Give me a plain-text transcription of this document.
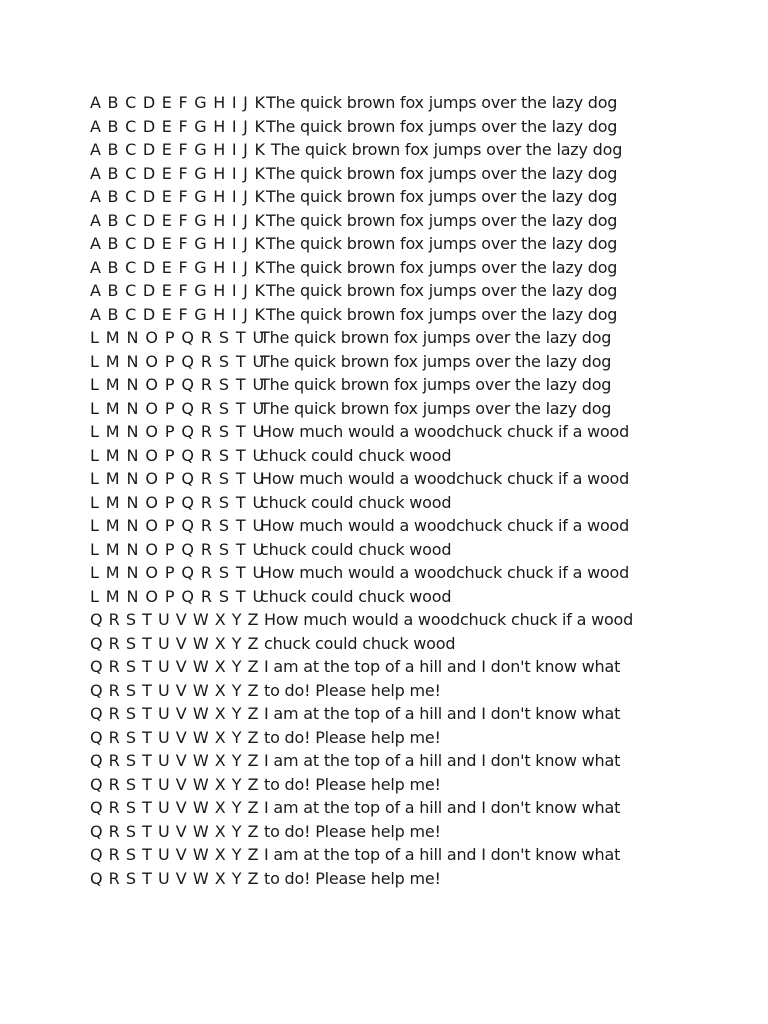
A B C D E F G H I J K The quick brown fox jumps over the lazy dog
A B C D E F G H I J K The quick brown fox jumps over the lazy dog
A B C D E F G H I J K The quick brown fox jumps over the lazy dog
A B C D E F G H I J K The quick brown fox jumps over the lazy dog
A B C D E F G H I J K The quick brown fox jumps over the lazy dog
A B C D E F G H I J K The quick brown fox jumps over the lazy dog
A B C D E F G H I J K The quick brown fox jumps over the lazy dog
A B C D E F G H I J K The quick brown fox jumps over the lazy dog
A B C D E F G H I J K The quick brown fox jumps over the lazy dog
A B C D E F G H I J K The quick brown fox jumps over the lazy dog
L M N O P Q R S T U
The quick brown fox jumps over the lazy dog
L M N O P Q R S T U
The quick brown fox jumps over the lazy dog
L M N O P Q R S T U
The quick brown fox jumps over the lazy dog
L M N O P Q R S T U
The quick brown fox jumps over the lazy dog
L M N O P Q R S T U
How much would a woodchuck chuck if a wood
L M N O P Q R S T U
chuck could chuck wood
L M N O P Q R S T U
How much would a woodchuck chuck if a wood
L M N O P Q R S T U
chuck could chuck wood
L M N O P Q R S T U
How much would a woodchuck chuck if a wood
L M N O P Q R S T U
chuck could chuck wood
L M N O P Q R S T U
How much would a woodchuck chuck if a wood
L M N O P Q R S T U
chuck could chuck wood
Q R S T U V W X Y Z How much would a woodchuck chuck if a wood
Q R S T U V W X Y Z chuck could chuck wood
Q R S T U V W X Y Z I am at the top of a hill and I don't know what
Q R S T U V W X Y Z to do! Please help me!
Q R S T U V W X Y Z I am at the top of a hill and I don't know what
Q R S T U V W X Y Z to do! Please help me!
Q R S T U V W X Y Z I am at the top of a hill and I don't know what
Q R S T U V W X Y Z to do! Please help me!
Q R S T U V W X Y Z I am at the top of a hill and I don't know what
Q R S T U V W X Y Z to do! Please help me!
Q R S T U V W X Y Z I am at the top of a hill and I don't know what
Q R S T U V W X Y Z to do! Please help me!
